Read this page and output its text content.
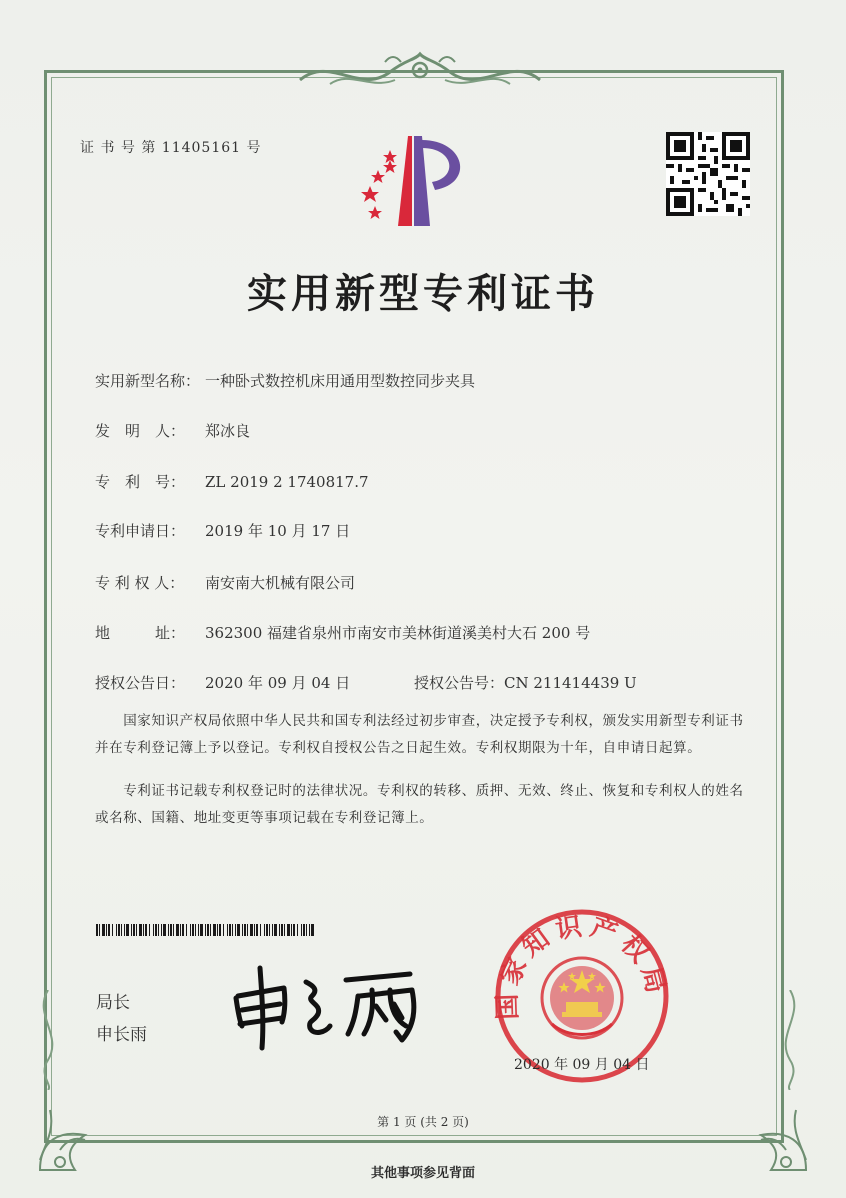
证 书 号 第 11405161 号
实用新型专利证书
实用新型名称： 一种卧式数控机床用通用型数控同步夹具
发　明　人： 郑冰良
专　利　号： ZL 2019 2 1740817.7
专利申请日： 2019 年 10 月 17 日
专 利 权 人： 南安南大机械有限公司
地　　　址： 362300 福建省泉州市南安市美林街道溪美村大石 200 号
授权公告日： 2020 年 09 月 04 日	授权公告号：CN 211414439 U
　　国家知识产权局依照中华人民共和国专利法经过初步审查，决定授予专利权，颁发实用新型专利证书并在专利登记簿上予以登记。专利权自授权公告之日起生效。专利权期限为十年，自申请日起算。
　　专利证书记载专利权登记时的法律状况。专利权的转移、质押、无效、终止、恢复和专利权人的姓名或名称、国籍、地址变更等事项记载在专利登记簿上。
局长
申长雨
国家知识产权局
2020 年 09 月 04 日
第 1 页 (共 2 页)
其他事项参见背面
